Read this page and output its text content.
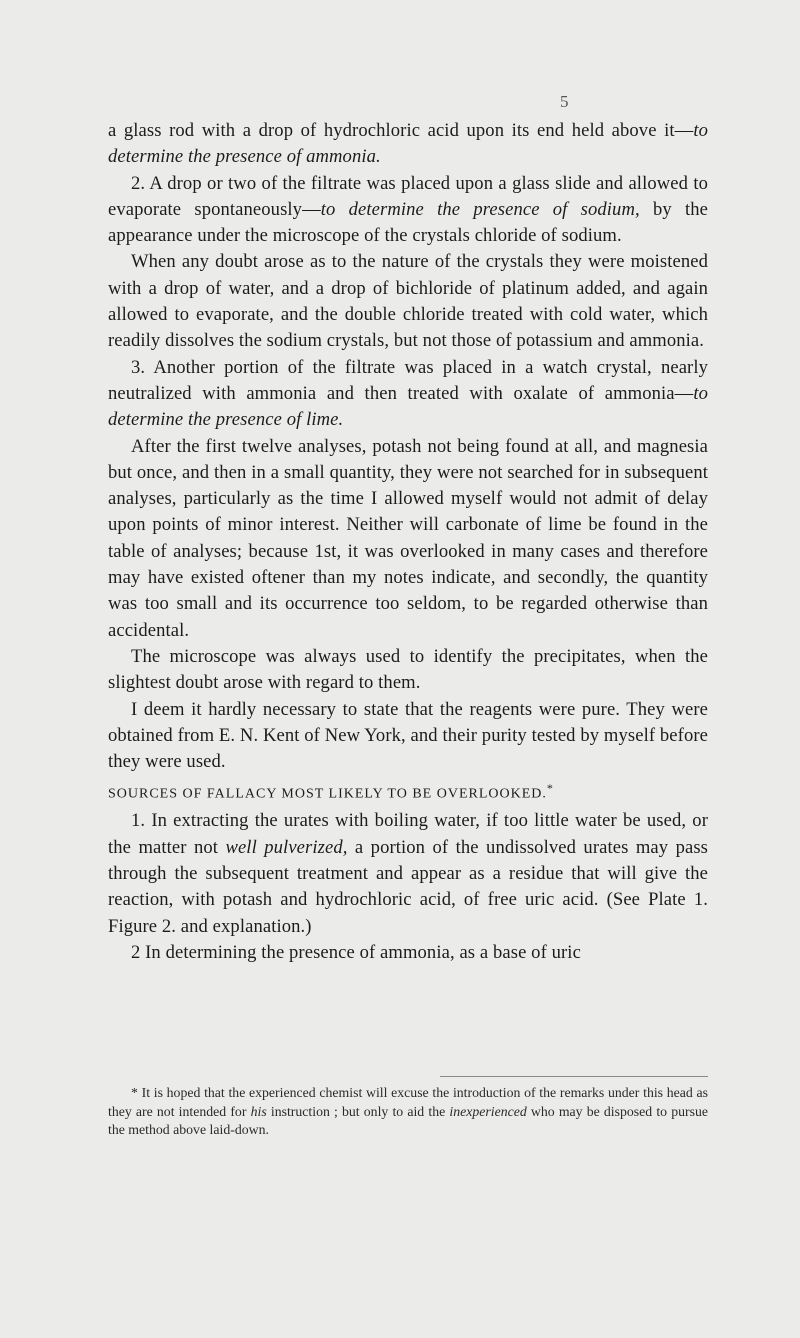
5

a glass rod with a drop of hydrochloric acid upon its end held above it—to determine the presence of ammonia.

2. A drop or two of the filtrate was placed upon a glass slide and allowed to evaporate spontaneously—to determine the presence of sodium, by the appearance under the microscope of the crystals chloride of sodium.

When any doubt arose as to the nature of the crystals they were moistened with a drop of water, and a drop of bichloride of platinum added, and again allowed to evaporate, and the double chloride treated with cold water, which readily dissolves the sodium crystals, but not those of potassium and ammonia.

3. Another portion of the filtrate was placed in a watch crystal, nearly neutralized with ammonia and then treated with oxalate of ammonia—to determine the presence of lime.

After the first twelve analyses, potash not being found at all, and magnesia but once, and then in a small quantity, they were not searched for in subsequent analyses, particularly as the time I allowed myself would not admit of delay upon points of minor interest. Neither will carbonate of lime be found in the table of analyses; because 1st, it was overlooked in many cases and therefore may have existed oftener than my notes indicate, and secondly, the quantity was too small and its occurrence too seldom, to be regarded otherwise than accidental.

The microscope was always used to identify the precipitates, when the slightest doubt arose with regard to them.

I deem it hardly necessary to state that the reagents were pure. They were obtained from E. N. Kent of New York, and their purity tested by myself before they were used.

SOURCES OF FALLACY MOST LIKELY TO BE OVERLOOKED.*

1. In extracting the urates with boiling water, if too little water be used, or the matter not well pulverized, a portion of the undissolved urates may pass through the subsequent treatment and appear as a residue that will give the reaction, with potash and hydrochloric acid, of free uric acid. (See Plate 1. Figure 2. and explanation.)

2 In determining the presence of ammonia, as a base of uric

* It is hoped that the experienced chemist will excuse the introduction of the remarks under this head as they are not intended for his instruction ; but only to aid the inexperienced who may be disposed to pursue the method above laid-down.
